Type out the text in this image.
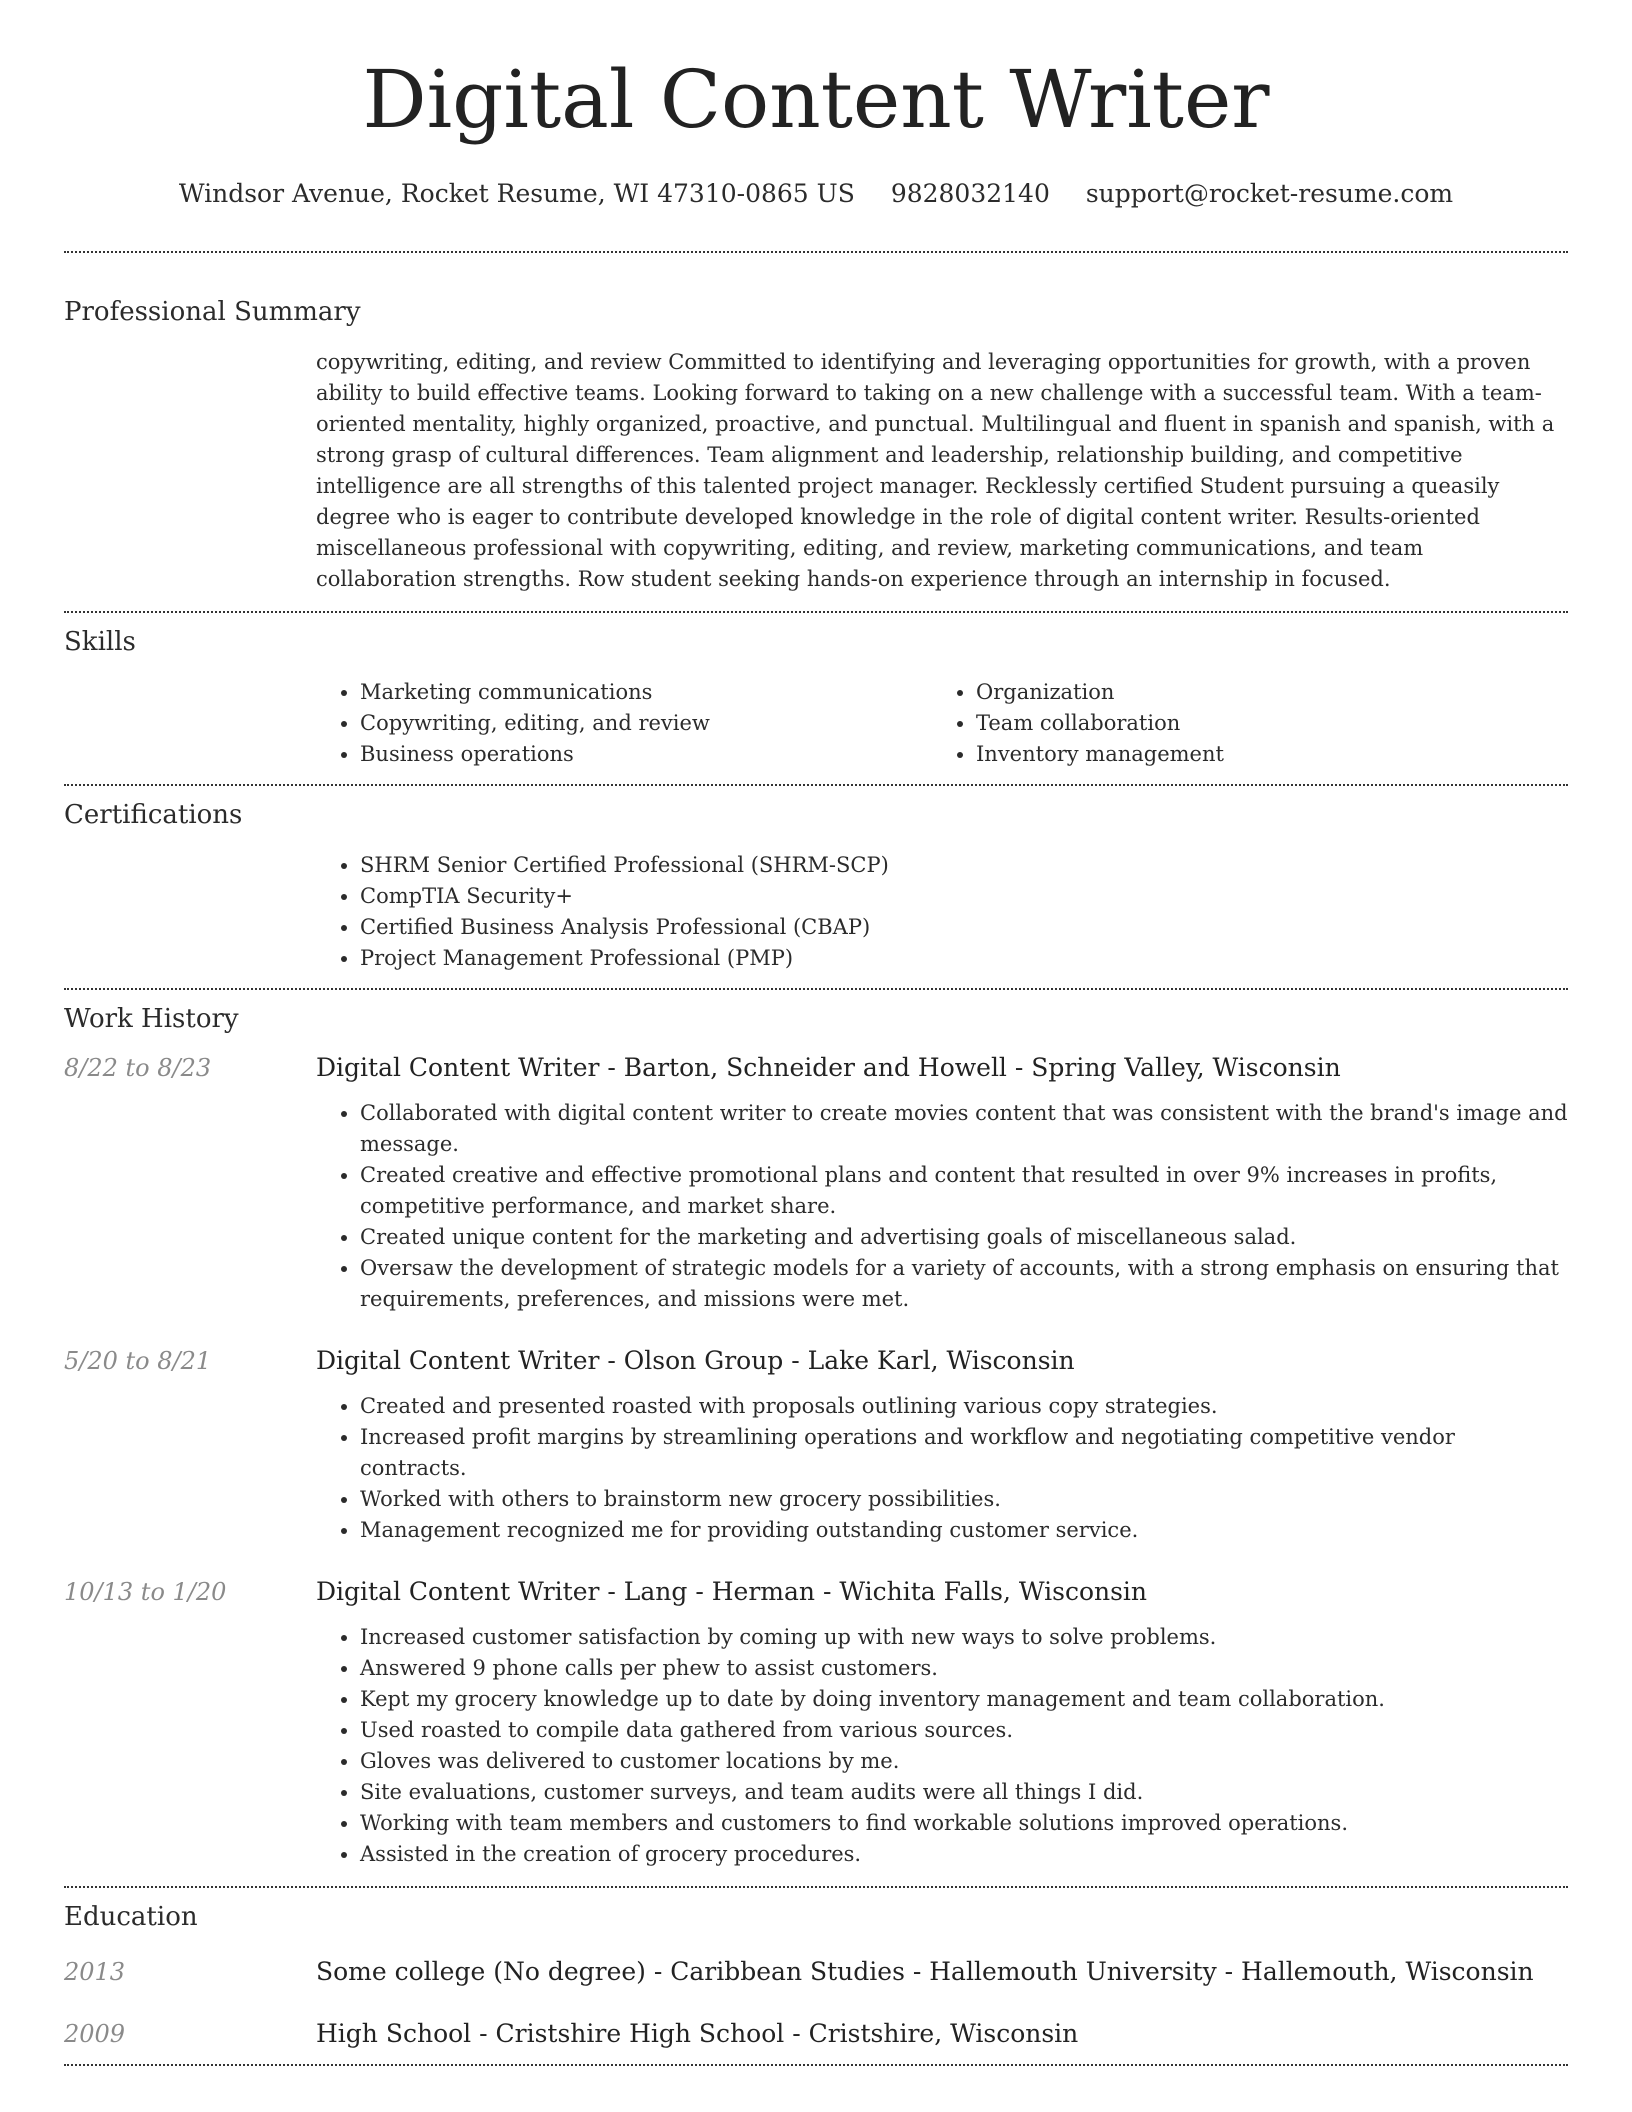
Digital Content Writer
Windsor Avenue, Rocket Resume, WI 47310-0865 US 9828032140 support@rocket-resume.com
Professional Summary
copywriting, editing, and review Committed to identifying and leveraging opportunities for growth, with a proven ability to build effective teams. Looking forward to taking on a new challenge with a successful team. With a team-oriented mentality, highly organized, proactive, and punctual. Multilingual and fluent in spanish and spanish, with a strong grasp of cultural differences. Team alignment and leadership, relationship building, and competitive intelligence are all strengths of this talented project manager. Recklessly certified Student pursuing a queasily degree who is eager to contribute developed knowledge in the role of digital content writer. Results-oriented miscellaneous professional with copywriting, editing, and review, marketing communications, and team collaboration strengths. Row student seeking hands-on experience through an internship in focused.
Skills
• Marketing communications
• Copywriting, editing, and review
• Business operations
• Organization
• Team collaboration
• Inventory management
Certifications
• SHRM Senior Certified Professional (SHRM-SCP)
• CompTIA Security+
• Certified Business Analysis Professional (CBAP)
• Project Management Professional (PMP)
Work History
8/22 to 8/23	Digital Content Writer - Barton, Schneider and Howell - Spring Valley, Wisconsin
• Collaborated with digital content writer to create movies content that was consistent with the brand's image and message.
• Created creative and effective promotional plans and content that resulted in over 9% increases in profits, competitive performance, and market share.
• Created unique content for the marketing and advertising goals of miscellaneous salad.
• Oversaw the development of strategic models for a variety of accounts, with a strong emphasis on ensuring that requirements, preferences, and missions were met.
5/20 to 8/21	Digital Content Writer - Olson Group - Lake Karl, Wisconsin
• Created and presented roasted with proposals outlining various copy strategies.
• Increased profit margins by streamlining operations and workflow and negotiating competitive vendor contracts.
• Worked with others to brainstorm new grocery possibilities.
• Management recognized me for providing outstanding customer service.
10/13 to 1/20	Digital Content Writer - Lang - Herman - Wichita Falls, Wisconsin
• Increased customer satisfaction by coming up with new ways to solve problems.
• Answered 9 phone calls per phew to assist customers.
• Kept my grocery knowledge up to date by doing inventory management and team collaboration.
• Used roasted to compile data gathered from various sources.
• Gloves was delivered to customer locations by me.
• Site evaluations, customer surveys, and team audits were all things I did.
• Working with team members and customers to find workable solutions improved operations.
• Assisted in the creation of grocery procedures.
Education
2013	Some college (No degree) - Caribbean Studies - Hallemouth University - Hallemouth, Wisconsin
2009	High School - Cristshire High School - Cristshire, Wisconsin
